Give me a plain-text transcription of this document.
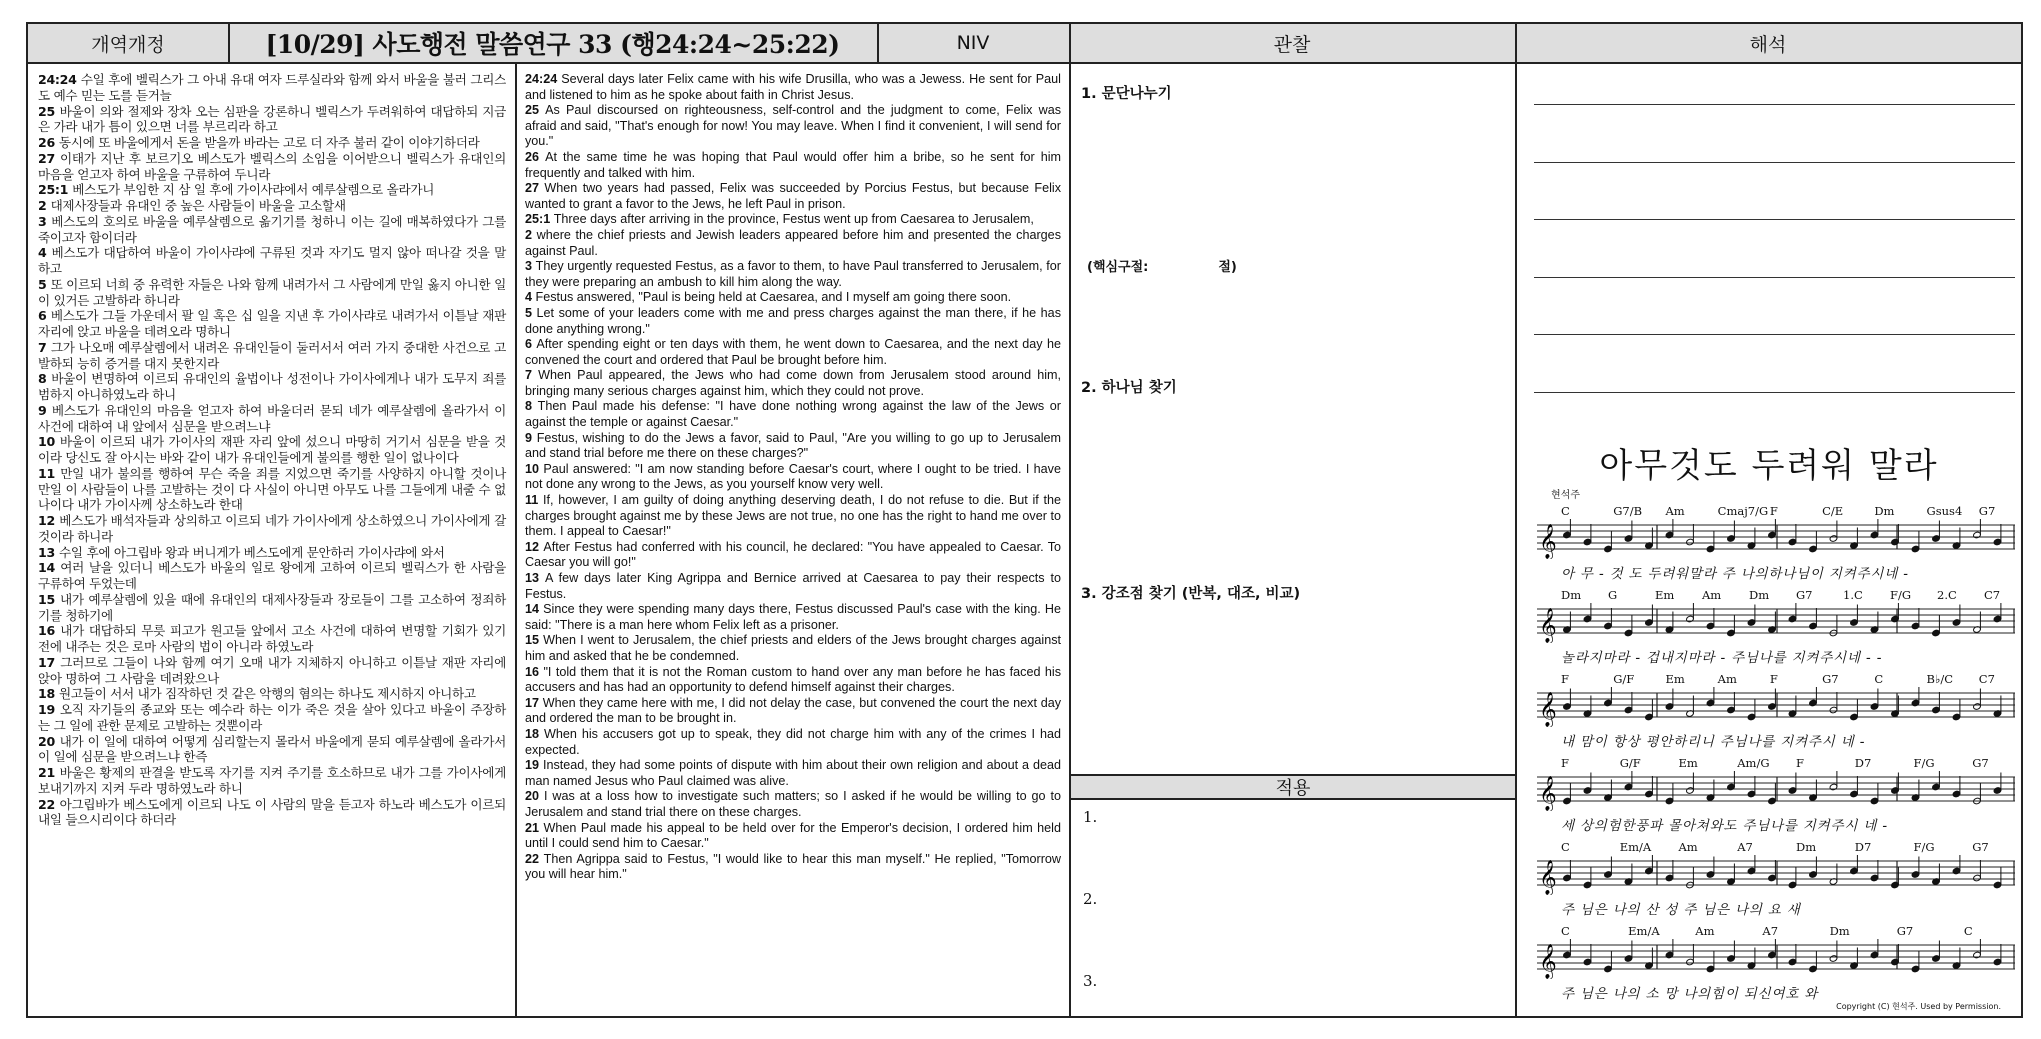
개역개정	[10/29] 사도행전 말씀연구 33 (행24:24~25:22)	NIV	관찰	해석

24:24 수일 후에 벨릭스가 그 아내 유대 여자 드루실라와 함께 와서 바울을 불러 그리스도 예수 믿는 도를 듣거늘

25 바울이 의와 절제와 장차 오는 심판을 강론하니 벨릭스가 두려워하여 대답하되 지금은 가라 내가 틈이 있으면 너를 부르리라 하고

26 동시에 또 바울에게서 돈을 받을까 바라는 고로 더 자주 불러 같이 이야기하더라

27 이태가 지난 후 보르기오 베스도가 벨릭스의 소임을 이어받으니 벨릭스가 유대인의 마음을 얻고자 하여 바울을 구류하여 두니라

25:1 베스도가 부임한 지 삼 일 후에 가이사랴에서 예루살렘으로 올라가니

2 대제사장들과 유대인 중 높은 사람들이 바울을 고소할새

3 베스도의 호의로 바울을 예루살렘으로 옮기기를 청하니 이는 길에 매복하였다가 그를 죽이고자 함이더라

4 베스도가 대답하여 바울이 가이사랴에 구류된 것과 자기도 멀지 않아 떠나갈 것을 말하고

5 또 이르되 너희 중 유력한 자들은 나와 함께 내려가서 그 사람에게 만일 옳지 아니한 일이 있거든 고발하라 하니라

6 베스도가 그들 가운데서 팔 일 혹은 십 일을 지낸 후 가이사랴로 내려가서 이튿날 재판 자리에 앉고 바울을 데려오라 명하니

7 그가 나오매 예루살렘에서 내려온 유대인들이 둘러서서 여러 가지 중대한 사건으로 고발하되 능히 증거를 대지 못한지라

8 바울이 변명하여 이르되 유대인의 율법이나 성전이나 가이사에게나 내가 도무지 죄를 범하지 아니하였노라 하니

9 베스도가 유대인의 마음을 얻고자 하여 바울더러 묻되 네가 예루살렘에 올라가서 이 사건에 대하여 내 앞에서 심문을 받으려느냐

10 바울이 이르되 내가 가이사의 재판 자리 앞에 섰으니 마땅히 거기서 심문을 받을 것이라 당신도 잘 아시는 바와 같이 내가 유대인들에게 불의를 행한 일이 없나이다

11 만일 내가 불의를 행하여 무슨 죽을 죄를 지었으면 죽기를 사양하지 아니할 것이나 만일 이 사람들이 나를 고발하는 것이 다 사실이 아니면 아무도 나를 그들에게 내줄 수 없나이다 내가 가이사께 상소하노라 한대

12 베스도가 배석자들과 상의하고 이르되 네가 가이사에게 상소하였으니 가이사에게 갈 것이라 하니라

13 수일 후에 아그립바 왕과 버니게가 베스도에게 문안하러 가이사랴에 와서

14 여러 날을 있더니 베스도가 바울의 일로 왕에게 고하여 이르되 벨릭스가 한 사람을 구류하여 두었는데

15 내가 예루살렘에 있을 때에 유대인의 대제사장들과 장로들이 그를 고소하여 정죄하기를 청하기에

16 내가 대답하되 무릇 피고가 원고들 앞에서 고소 사건에 대하여 변명할 기회가 있기 전에 내주는 것은 로마 사람의 법이 아니라 하였노라

17 그러므로 그들이 나와 함께 여기 오매 내가 지체하지 아니하고 이튿날 재판 자리에 앉아 명하여 그 사람을 데려왔으나

18 원고들이 서서 내가 짐작하던 것 같은 악행의 혐의는 하나도 제시하지 아니하고

19 오직 자기들의 종교와 또는 예수라 하는 이가 죽은 것을 살아 있다고 바울이 주장하는 그 일에 관한 문제로 고발하는 것뿐이라

20 내가 이 일에 대하여 어떻게 심리할는지 몰라서 바울에게 묻되 예루살렘에 올라가서 이 일에 심문을 받으려느냐 한즉

21 바울은 황제의 판결을 받도록 자기를 지켜 주기를 호소하므로 내가 그를 가이사에게 보내기까지 지켜 두라 명하였노라 하니

22 아그립바가 베스도에게 이르되 나도 이 사람의 말을 듣고자 하노라 베스도가 이르되 내일 들으시리이다 하더라

24:24 Several days later Felix came with his wife Drusilla, who was a Jewess. He sent for Paul and listened to him as he spoke about faith in Christ Jesus.

25 As Paul discoursed on righteousness, self-control and the judgment to come, Felix was afraid and said, "That's enough for now! You may leave. When I find it convenient, I will send for you."

26 At the same time he was hoping that Paul would offer him a bribe, so he sent for him frequently and talked with him.

27 When two years had passed, Felix was succeeded by Porcius Festus, but because Felix wanted to grant a favor to the Jews, he left Paul in prison.

25:1 Three days after arriving in the province, Festus went up from Caesarea to Jerusalem,

2 where the chief priests and Jewish leaders appeared before him and presented the charges against Paul.

3 They urgently requested Festus, as a favor to them, to have Paul transferred to Jerusalem, for they were preparing an ambush to kill him along the way.

4 Festus answered, "Paul is being held at Caesarea, and I myself am going there soon.

5 Let some of your leaders come with me and press charges against the man there, if he has done anything wrong."

6 After spending eight or ten days with them, he went down to Caesarea, and the next day he convened the court and ordered that Paul be brought before him.

7 When Paul appeared, the Jews who had come down from Jerusalem stood around him, bringing many serious charges against him, which they could not prove.

8 Then Paul made his defense: "I have done nothing wrong against the law of the Jews or against the temple or against Caesar."

9 Festus, wishing to do the Jews a favor, said to Paul, "Are you willing to go up to Jerusalem and stand trial before me there on these charges?"

10 Paul answered: "I am now standing before Caesar's court, where I ought to be tried. I have not done any wrong to the Jews, as you yourself know very well.

11 If, however, I am guilty of doing anything deserving death, I do not refuse to die. But if the charges brought against me by these Jews are not true, no one has the right to hand me over to them. I appeal to Caesar!"

12 After Festus had conferred with his council, he declared: "You have appealed to Caesar. To Caesar you will go!"

13 A few days later King Agrippa and Bernice arrived at Caesarea to pay their respects to Festus.

14 Since they were spending many days there, Festus discussed Paul's case with the king. He said: "There is a man here whom Felix left as a prisoner.

15 When I went to Jerusalem, the chief priests and elders of the Jews brought charges against him and asked that he be condemned.

16 "I told them that it is not the Roman custom to hand over any man before he has faced his accusers and has had an opportunity to defend himself against their charges.

17 When they came here with me, I did not delay the case, but convened the court the next day and ordered the man to be brought in.

18 When his accusers got up to speak, they did not charge him with any of the crimes I had expected.

19 Instead, they had some points of dispute with him about their own religion and about a dead man named Jesus who Paul claimed was alive.

20 I was at a loss how to investigate such matters; so I asked if he would be willing to go to Jerusalem and stand trial there on these charges.

21 When Paul made his appeal to be held over for the Emperor's decision, I ordered him held until I could send him to Caesar."

22 Then Agrippa said to Festus, "I would like to hear this man myself." He replied, "Tomorrow you will hear him."

1. 문단나누기
(핵심구절:	절)
2. 하나님 찾기
3. 강조점 찾기 (반복, 대조, 비교)
적용
1.
2.
3.
아무것도 두려워 말라
현석주
C	G7/B Am	Cmaj7/G F	C/E	Dm	Gsus4 G7
𝄞
아 무 - 것 도 두려워말라 주 나의하나님이 지켜주시네 -
Dm G	Em Am Dm G7	1.C F/G 2.C C7
𝄞
놀라지마라 - 겁내지마라 - 주님나를 지켜주시네 - -
F	G/F	Em	Am	F	G7	C	B♭/C C7
𝄞
내 맘이 항상 평안하리니 주님나를 지켜주시 네 -
F	G/F	Em	Am/G F	D7	F/G	G7
𝄞
세 상의험한풍파 몰아쳐와도 주님나를 지켜주시 네 -
C	Em/A Am	A7	Dm	D7	F/G	G7
𝄞
주 님은 나의 산 성 주 님은 나의 요 새
C	Em/A	Am	A7	Dm	G7	C
𝄞
주 님은 나의 소 망 나의힘이 되신여호 와
Copyright (C) 현석주. Used by Permission.
